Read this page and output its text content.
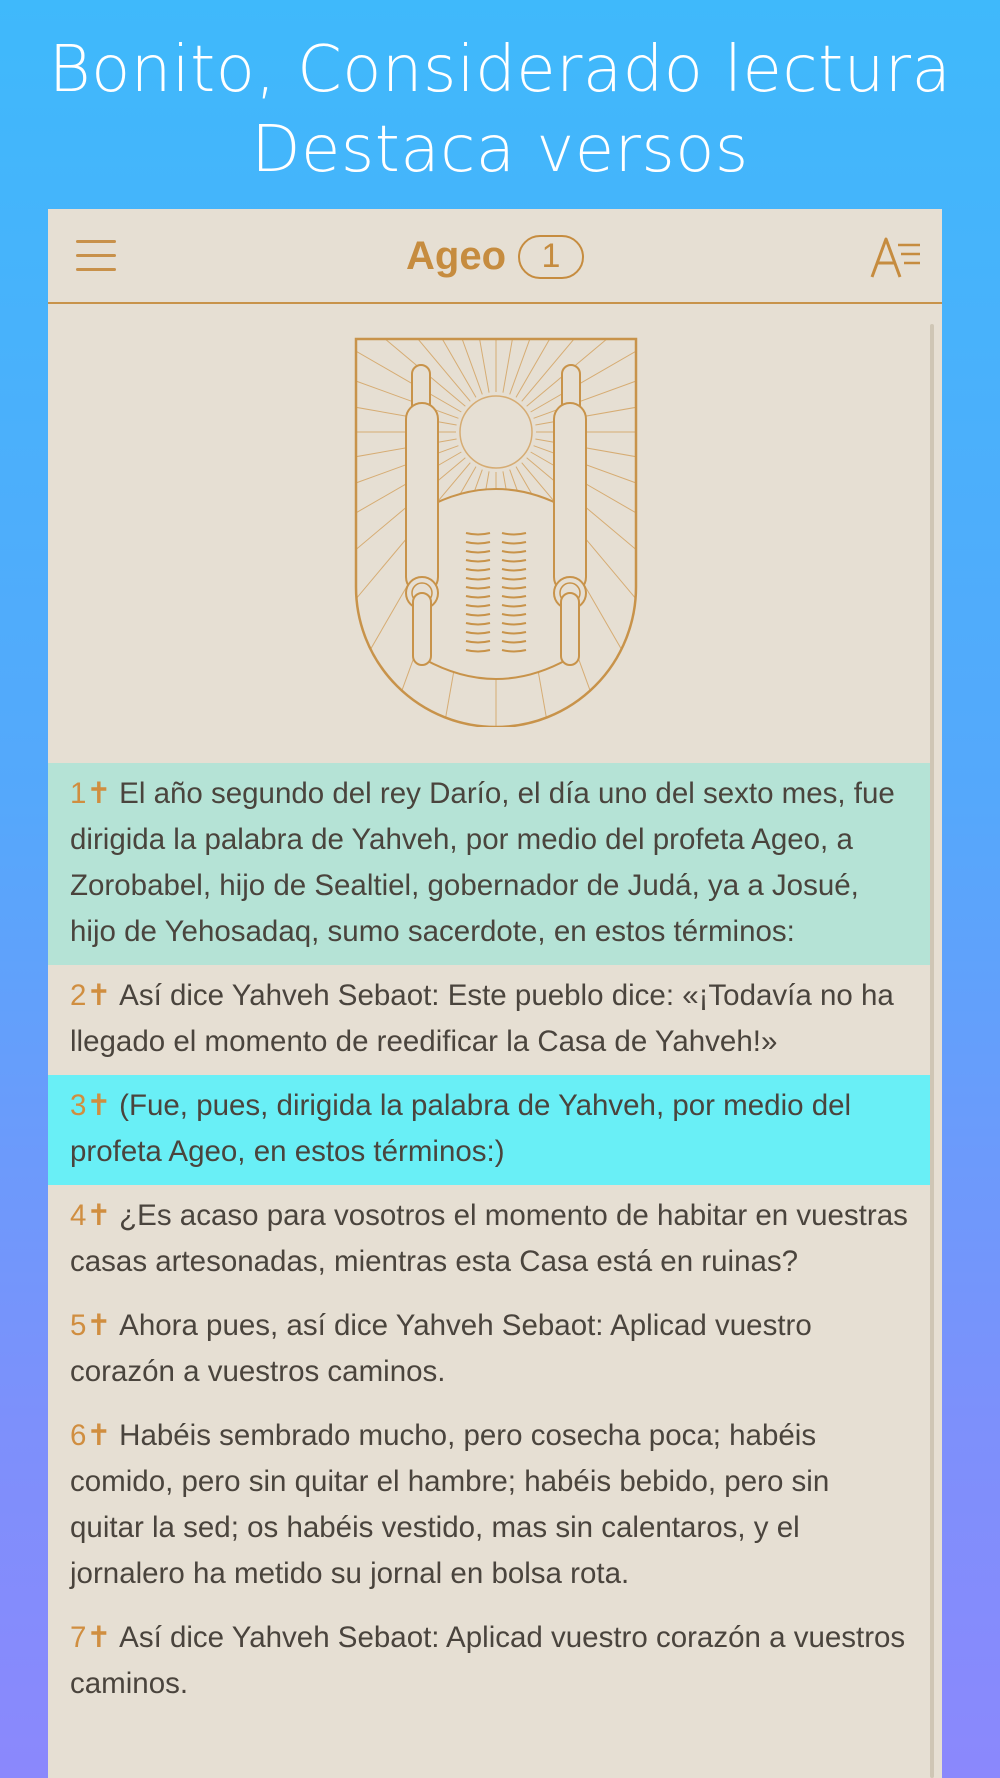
Bonito, Considerado lectura
Destaca versos
Ageo	1
1✝ El año segundo del rey Darío, el día uno del sexto mes, fue dirigida la palabra de Yahveh, por medio del profeta Ageo, a Zorobabel, hijo de Sealtiel, gobernador de Judá, ya a Josué, hijo de Yehosadaq, sumo sacerdote, en estos términos:
2✝ Así dice Yahveh Sebaot: Este pueblo dice: «¡Todavía no ha llegado el momento de reedificar la Casa de Yahveh!»
3✝ (Fue, pues, dirigida la palabra de Yahveh, por medio del profeta Ageo, en estos términos:)
4✝ ¿Es acaso para vosotros el momento de habitar en vuestras casas artesonadas, mientras esta Casa está en ruinas?
5✝ Ahora pues, así dice Yahveh Sebaot: Aplicad vuestro corazón a vuestros caminos.
6✝ Habéis sembrado mucho, pero cosecha poca; habéis comido, pero sin quitar el hambre; habéis bebido, pero sin quitar la sed; os habéis vestido, mas sin calentaros, y el jornalero ha metido su jornal en bolsa rota.
7✝ Así dice Yahveh Sebaot: Aplicad vuestro corazón a vuestros caminos.
